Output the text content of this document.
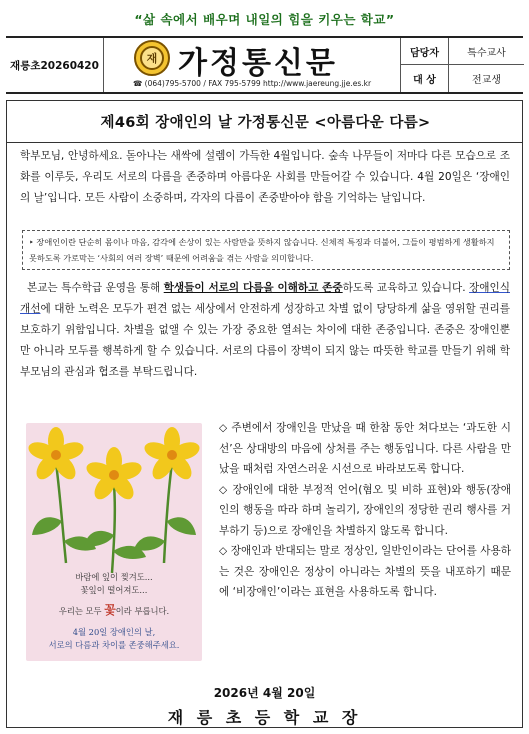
“삶 속에서 배우며 내일의 힘을 키우는 학교”
재릉초20260420
재 가정통신문
☎ (064)795-5700 / FAX 795-5799 http://www.jaereung.jje.es.kr
담당자	특수교사
대 상	전교생
제46회 장애인의 날 가정통신문 <아름다운 다름>
학부모님, 안녕하세요. 돋아나는 새싹에 설렘이 가득한 4월입니다. 숲속 나무들이 저마다 다른 모습으로 조화를 이루듯, 우리도 서로의 다름을 존중하며 아름다운 사회를 만들어갈 수 있습니다. 4월 20일은 ‘장애인의 날’입니다. 모든 사람이 소중하며, 각자의 다름이 존중받아야 함을 기억하는 날입니다.
‣ 장애인이란 단순히 몸이나 마음, 감각에 손상이 있는 사람만을 뜻하지 않습니다. 신체적 특징과 더불어, 그들이 평범하게 생활하지 못하도록 가로막는 ‘사회의 여러 장벽’ 때문에 어려움을 겪는 사람을 의미합니다.
본교는 특수학급 운영을 통해 학생들이 서로의 다름을 이해하고 존중하도록 교육하고 있습니다. 장애인식개선에 대한 노력은 모두가 편견 없는 세상에서 안전하게 성장하고 차별 없이 당당하게 삶을 영위할 권리를 보호하기 위함입니다. 차별을 없앨 수 있는 가장 중요한 열쇠는 차이에 대한 존중입니다. 존중은 장애인뿐만 아니라 모두를 행복하게 할 수 있습니다. 서로의 다름이 장벽이 되지 않는 따뜻한 학교를 만들기 위해 학부모님의 관심과 협조를 부탁드립니다.
바람에 잎이 찢겨도...
꽃잎이 떨어져도...
우리는 모두 꽃이라 부릅니다.
4월 20일 장애인의 날,
서로의 다름과 차이를 존중해주세요.

◇ 주변에서 장애인을 만났을 때 한참 동안 쳐다보는 ‘과도한 시선’은 상대방의 마음에 상처를 주는 행동입니다. 다른 사람을 만났을 때처럼 자연스러운 시선으로 바라보도록 합니다.

◇ 장애인에 대한 부정적 언어(혐오 및 비하 표현)와 행동(장애인의 행동을 따라 하며 놀리기, 장애인의 정당한 권리 행사를 거부하기 등)으로 장애인을 차별하지 않도록 합니다.

◇ 장애인과 반대되는 말로 정상인, 일반인이라는 단어를 사용하는 것은 장애인은 정상이 아니라는 차별의 뜻을 내포하기 때문에 ‘비장애인’이라는 표현을 사용하도록 합니다.

2026년 4월 20일
재 릉 초 등 학 교 장
